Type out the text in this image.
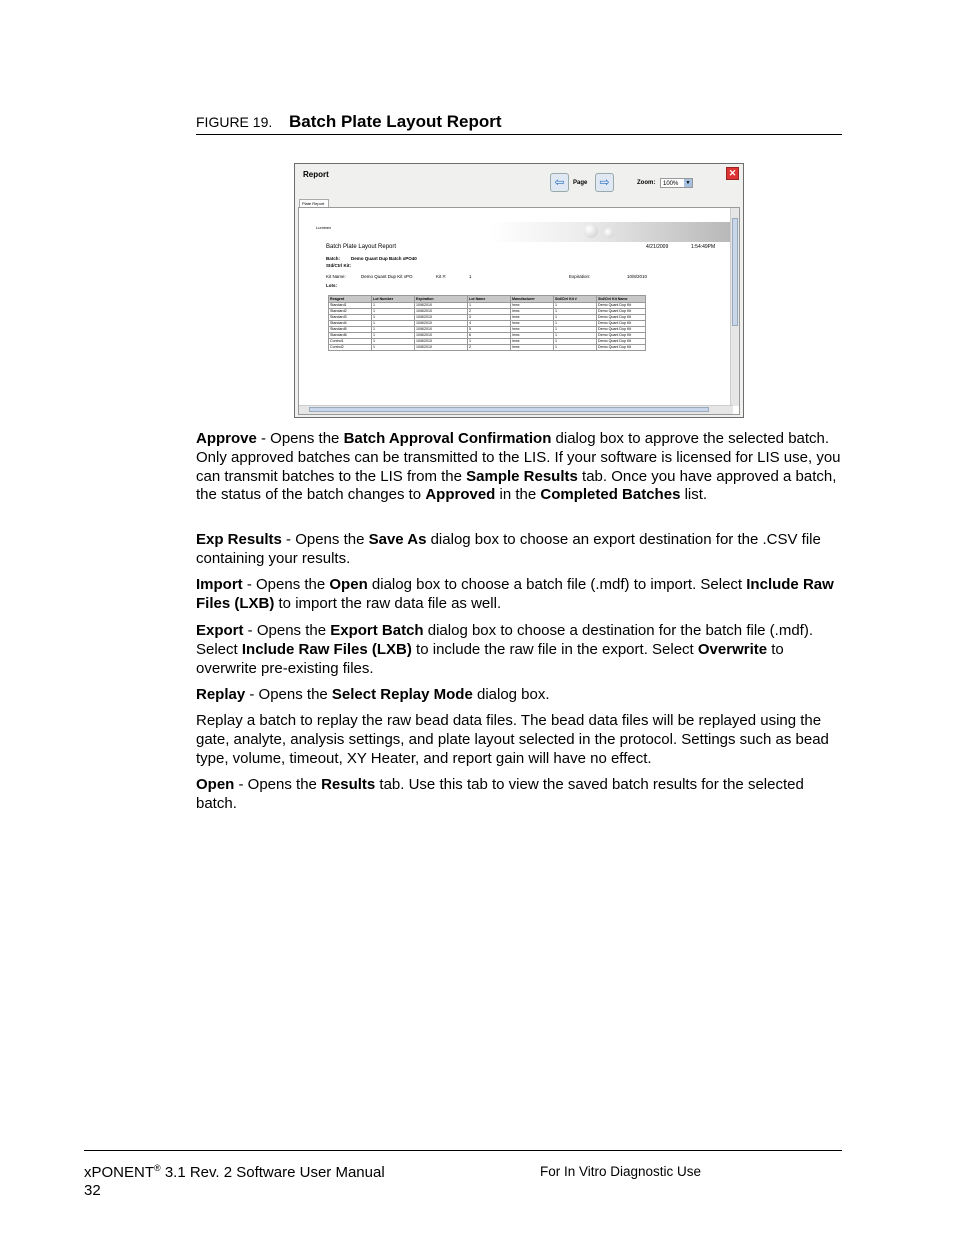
FIGURE 19. Batch Plate Layout Report
Report	✕
⇦	Page	⇨	Zoom:	100%	▼
Plate Report
Luminex
Batch Plate Layout Report	4/21/2009	1:54:49PM
Batch: Demo Quant Dup Batch xPO40
Std/Ctrl Kit:
Kit Name:	Demo Quant Dup Kit xPO	Kit #:	1	Expiration:	10/8/2010
Lots:
Reagent	Lot Number	Expiration	Lot Name	Manufacturer	Std/Ctrl Kit #	Std/Ctrl Kit Name
Standard1	1	10/8/2010	1	lmnx	1	Demo Quant Dup Kit
Standard2	1	10/8/2010	2	lmnx	1	Demo Quant Dup Kit
Standard3	1	10/8/2010	3	lmnx	1	Demo Quant Dup Kit
Standard4	1	10/8/2010	4	lmnx	1	Demo Quant Dup Kit
Standard5	1	10/8/2010	5	lmnx	1	Demo Quant Dup Kit
Standard6	1	10/8/2010	6	lmnx	1	Demo Quant Dup Kit
Control1	1	10/8/2010	1	lmnx	1	Demo Quant Dup Kit
Control2	1	10/8/2010	2	lmnx	1	Demo Quant Dup Kit

Approve - Opens the Batch Approval Confirmation dialog box to approve the selected batch. Only approved batches can be transmitted to the LIS. If your software is licensed for LIS use, you can transmit batches to the LIS from the Sample Results tab. Once you have approved a batch, the status of the batch changes to Approved in the Completed Batches list.

Exp Results - Opens the Save As dialog box to choose an export destination for the .CSV file containing your results.

Import - Opens the Open dialog box to choose a batch file (.mdf) to import. Select Include Raw Files (LXB) to import the raw data file as well.

Export - Opens the Export Batch dialog box to choose a destination for the batch file (.mdf). Select Include Raw Files (LXB) to include the raw file in the export. Select Overwrite to overwrite pre-existing files.

Replay - Opens the Select Replay Mode dialog box.

Replay a batch to replay the raw bead data files. The bead data files will be replayed using the gate, analyte, analysis settings, and plate layout selected in the protocol. Settings such as bead type, volume, timeout, XY Heater, and report gain will have no effect.

Open - Opens the Results tab. Use this tab to view the saved batch results for the selected batch.

xPONENT® 3.1 Rev. 2 Software User Manual
32
For In Vitro Diagnostic Use
